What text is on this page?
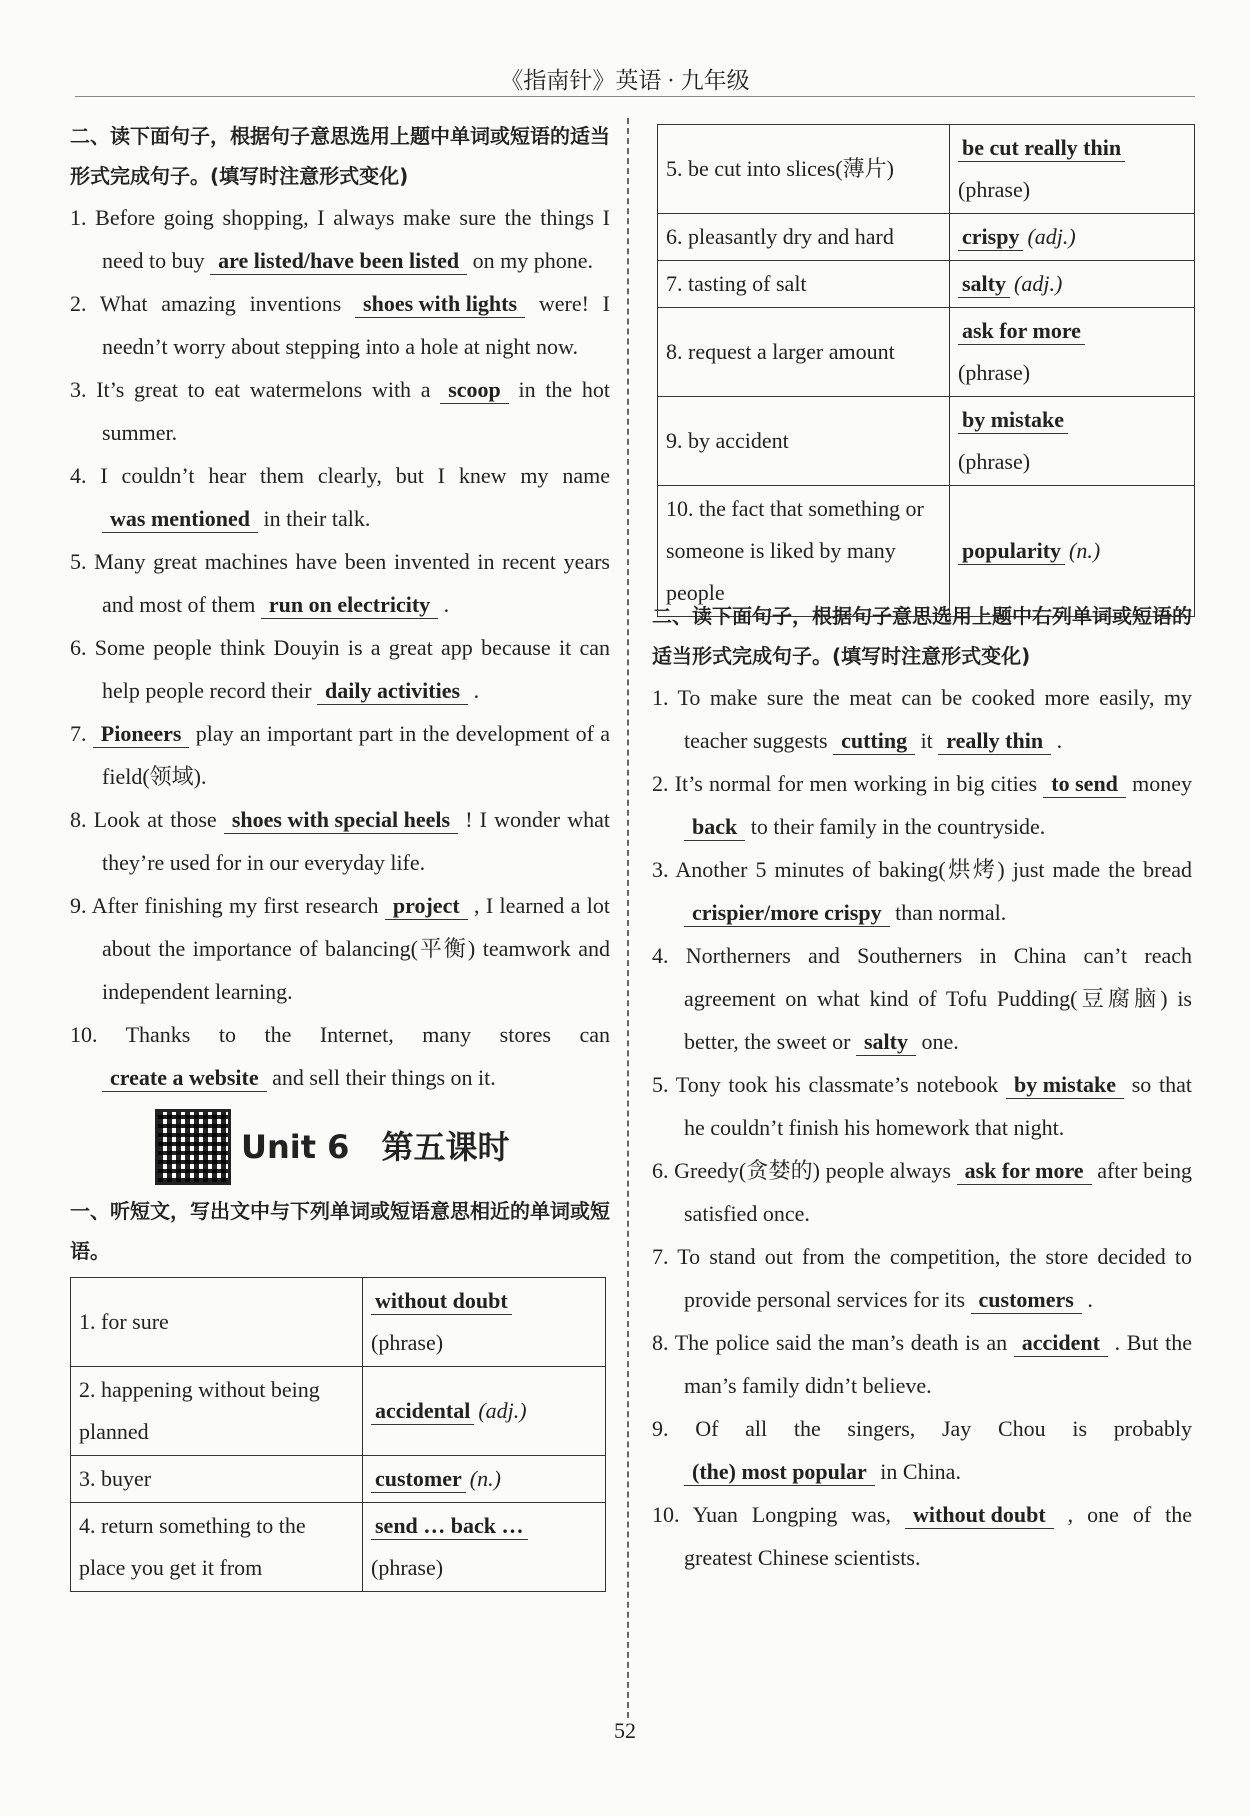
《指南针》英语 · 九年级
二、读下面句子，根据句子意思选用上题中单词或短语的适当形式完成句子。(填写时注意形式变化)
1. Before going shopping, I always make sure the things I need to buy are listed/have been listed on my phone.
2. What amazing inventions shoes with lights were! I needn’t worry about stepping into a hole at night now.
3. It’s great to eat watermelons with a scoop in the hot summer.
4. I couldn’t hear them clearly, but I knew my name was mentioned in their talk.
5. Many great machines have been invented in recent years and most of them run on electricity .
6. Some people think Douyin is a great app because it can help people record their daily activities .
7. Pioneers play an important part in the development of a field(领域).
8. Look at those shoes with special heels ! I wonder what they’re used for in our everyday life.
9. After finishing my first research project , I learned a lot about the importance of balancing(平衡) teamwork and independent learning.
10. Thanks to the Internet, many stores can create a website and sell their things on it.
Unit 6　第五课时
一、听短文，写出文中与下列单词或短语意思相近的单词或短语。
1. for sure	without doubt
(phrase)

2. happening without being planned	accidental (adj.)
3. buyer	customer (n.)
4. return something to the place you get it from	send … back …
(phrase)
5. be cut into slices(薄片)	be cut really thin
(phrase)

6. pleasantly dry and hard	crispy (adj.)
7. tasting of salt	salty (adj.)
8. request a larger amount	ask for more
(phrase)

9. by accident	by mistake
(phrase)

10. the fact that something or someone is liked by many people	popularity (n.)
二、读下面句子，根据句子意思选用上题中右列单词或短语的适当形式完成句子。(填写时注意形式变化)
1. To make sure the meat can be cooked more easily, my teacher suggests cutting it really thin .
2. It’s normal for men working in big cities to send money back to their family in the countryside.
3. Another 5 minutes of baking(烘烤) just made the bread crispier/more crispy than normal.
4. Northerners and Southerners in China can’t reach agreement on what kind of Tofu Pudding(豆腐脑) is better, the sweet or salty one.
5. Tony took his classmate’s notebook by mistake so that he couldn’t finish his homework that night.
6. Greedy(贪婪的) people always ask for more after being satisfied once.
7. To stand out from the competition, the store decided to provide personal services for its customers .
8. The police said the man’s death is an accident . But the man’s family didn’t believe.
9. Of all the singers, Jay Chou is probably (the) most popular in China.
10. Yuan Longping was, without doubt , one of the greatest Chinese scientists.
52
